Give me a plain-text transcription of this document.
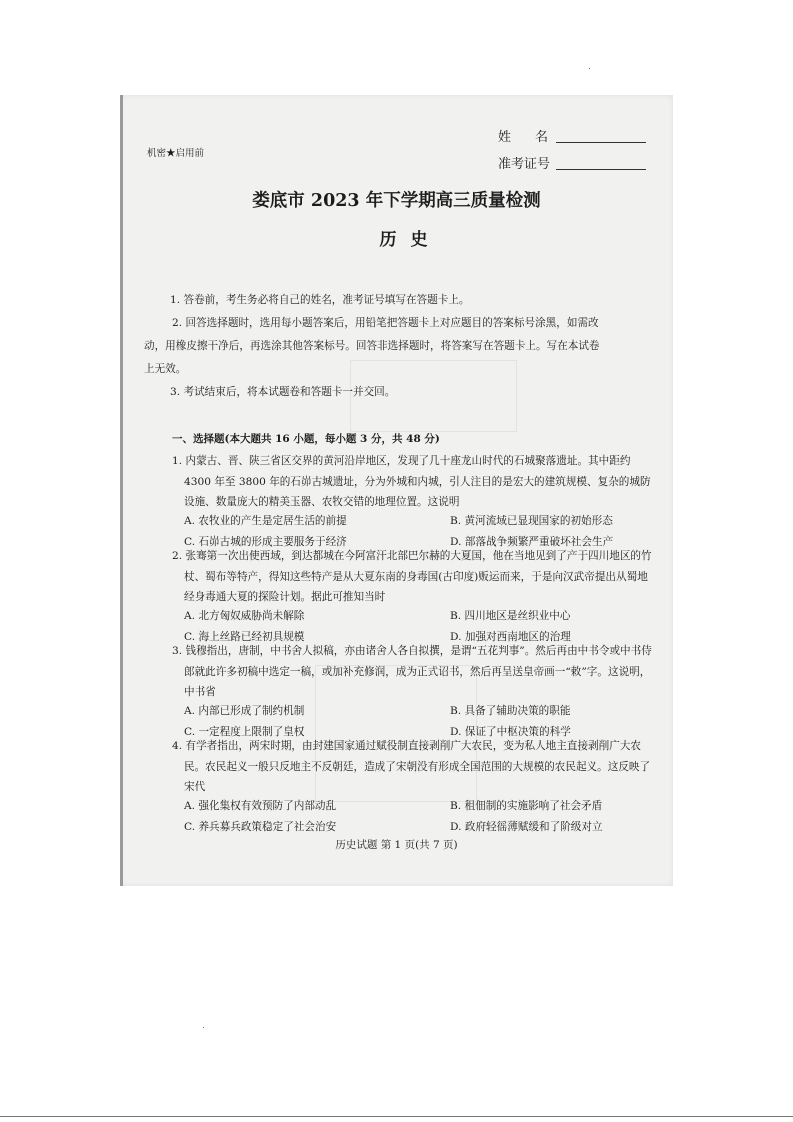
机密★启用前
姓名
准考证号
娄底市 2023 年下学期高三质量检测
历史
1. 答卷前，考生务必将自己的姓名，准考证号填写在答题卡上。
2. 回答选择题时，选用每小题答案后，用铅笔把答题卡上对应题目的答案标号涂黑，如需改动，用橡皮擦干净后，再选涂其他答案标号。回答非选择题时，将答案写在答题卡上。写在本试卷上无效。
3. 考试结束后，将本试题卷和答题卡一并交回。
一、选择题(本大题共 16 小题，每小题 3 分，共 48 分)
1. 内蒙古、晋、陕三省区交界的黄河沿岸地区，发现了几十座龙山时代的石城聚落遗址。其中距约 4300 年至 3800 年的石峁古城遗址，分为外城和内城，引人注目的是宏大的建筑规模、复杂的城防设施、数量庞大的精美玉器、农牧交错的地理位置。这说明
A. 农牧业的产生是定居生活的前提	B. 黄河流域已显现国家的初始形态
C. 石峁古城的形成主要服务于经济	D. 部落战争频繁严重破坏社会生产
2. 张骞第一次出使西域，到达都城在今阿富汗北部巴尔赫的大夏国，他在当地见到了产于四川地区的竹杖、蜀布等特产，得知这些特产是从大夏东南的身毒国(古印度)贩运而来，于是向汉武帝提出从蜀地经身毒通大夏的探险计划。据此可推知当时
A. 北方匈奴威胁尚未解除	B. 四川地区是丝织业中心
C. 海上丝路已经初具规模	D. 加强对西南地区的治理
3. 钱穆指出，唐制，中书舍人拟稿，亦由诸舍人各自拟撰，是谓“五花判事”。然后再由中书令或中书侍郎就此许多初稿中选定一稿，或加补充修润，成为正式诏书，然后再呈送皇帝画一“敕”字。这说明，中书省
A. 内部已形成了制约机制	B. 具备了辅助决策的职能
C. 一定程度上限制了皇权	D. 保证了中枢决策的科学
4. 有学者指出，两宋时期，由封建国家通过赋役制直接剥削广大农民，变为私人地主直接剥削广大农民。农民起义一般只反地主不反朝廷，造成了宋朝没有形成全国范围的大规模的农民起义。这反映了宋代
A. 强化集权有效预防了内部动乱	B. 租佃制的实施影响了社会矛盾
C. 养兵募兵政策稳定了社会治安	D. 政府轻徭薄赋缓和了阶级对立
历史试题 第 1 页(共 7 页)
